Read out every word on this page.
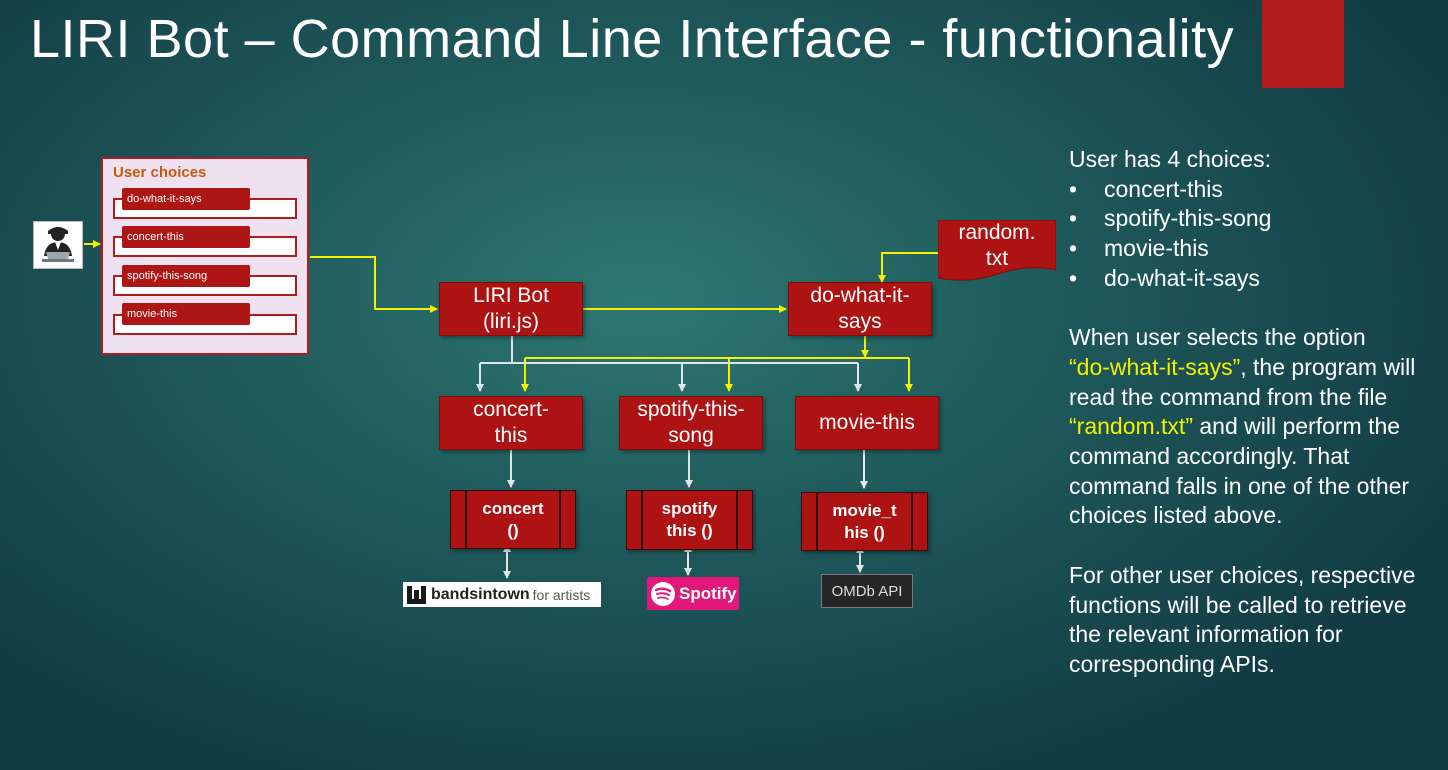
LIRI Bot – Command Line Interface - functionality
User choices
do-what-it-says
concert-this
spotify-this-song
movie-this
LIRI Bot
(liri.js)
do-what-it-
says
random.
txt
concert-
this
spotify-this-
song
movie-this
concert
()
spotify
this ()
movie_t
his ()
bandsintown for artists	Spotify	OMDb API

User has 4 choices:

• concert-this
• spotify-this-song
• movie-this
• do-what-it-says

When user selects the option
“do-what-it-says”, the program will read the command from the file
“random.txt” and will perform the command accordingly. That command falls in one of the other choices listed above.

For other user choices, respective functions will be called to retrieve the relevant information for corresponding APIs.
